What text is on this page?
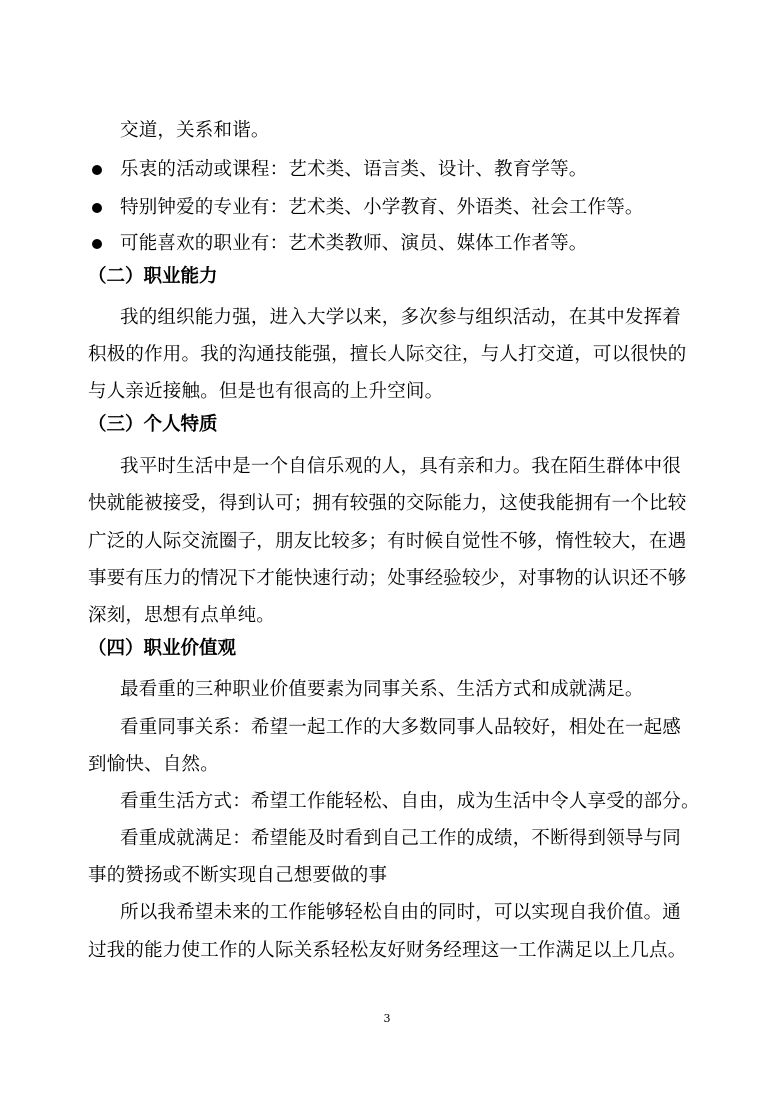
交道，关系和谐。
乐衷的活动或课程：艺术类、语言类、设计、教育学等。
特别钟爱的专业有：艺术类、小学教育、外语类、社会工作等。
可能喜欢的职业有：艺术类教师、演员、媒体工作者等。
（二）职业能力
我的组织能力强，进入大学以来，多次参与组织活动，在其中发挥着
积极的作用。我的沟通技能强，擅长人际交往，与人打交道，可以很快的
与人亲近接触。但是也有很高的上升空间。
（三）个人特质
我平时生活中是一个自信乐观的人，具有亲和力。我在陌生群体中很
快就能被接受，得到认可；拥有较强的交际能力，这使我能拥有一个比较
广泛的人际交流圈子，朋友比较多；有时候自觉性不够，惰性较大，在遇
事要有压力的情况下才能快速行动；处事经验较少，对事物的认识还不够
深刻，思想有点单纯。
（四）职业价值观
最看重的三种职业价值要素为同事关系、生活方式和成就满足。
看重同事关系：希望一起工作的大多数同事人品较好，相处在一起感
到愉快、自然。
看重生活方式：希望工作能轻松、自由，成为生活中令人享受的部分。
看重成就满足：希望能及时看到自己工作的成绩，不断得到领导与同
事的赞扬或不断实现自己想要做的事
所以我希望未来的工作能够轻松自由的同时，可以实现自我价值。通
过我的能力使工作的人际关系轻松友好财务经理这一工作满足以上几点。
3
